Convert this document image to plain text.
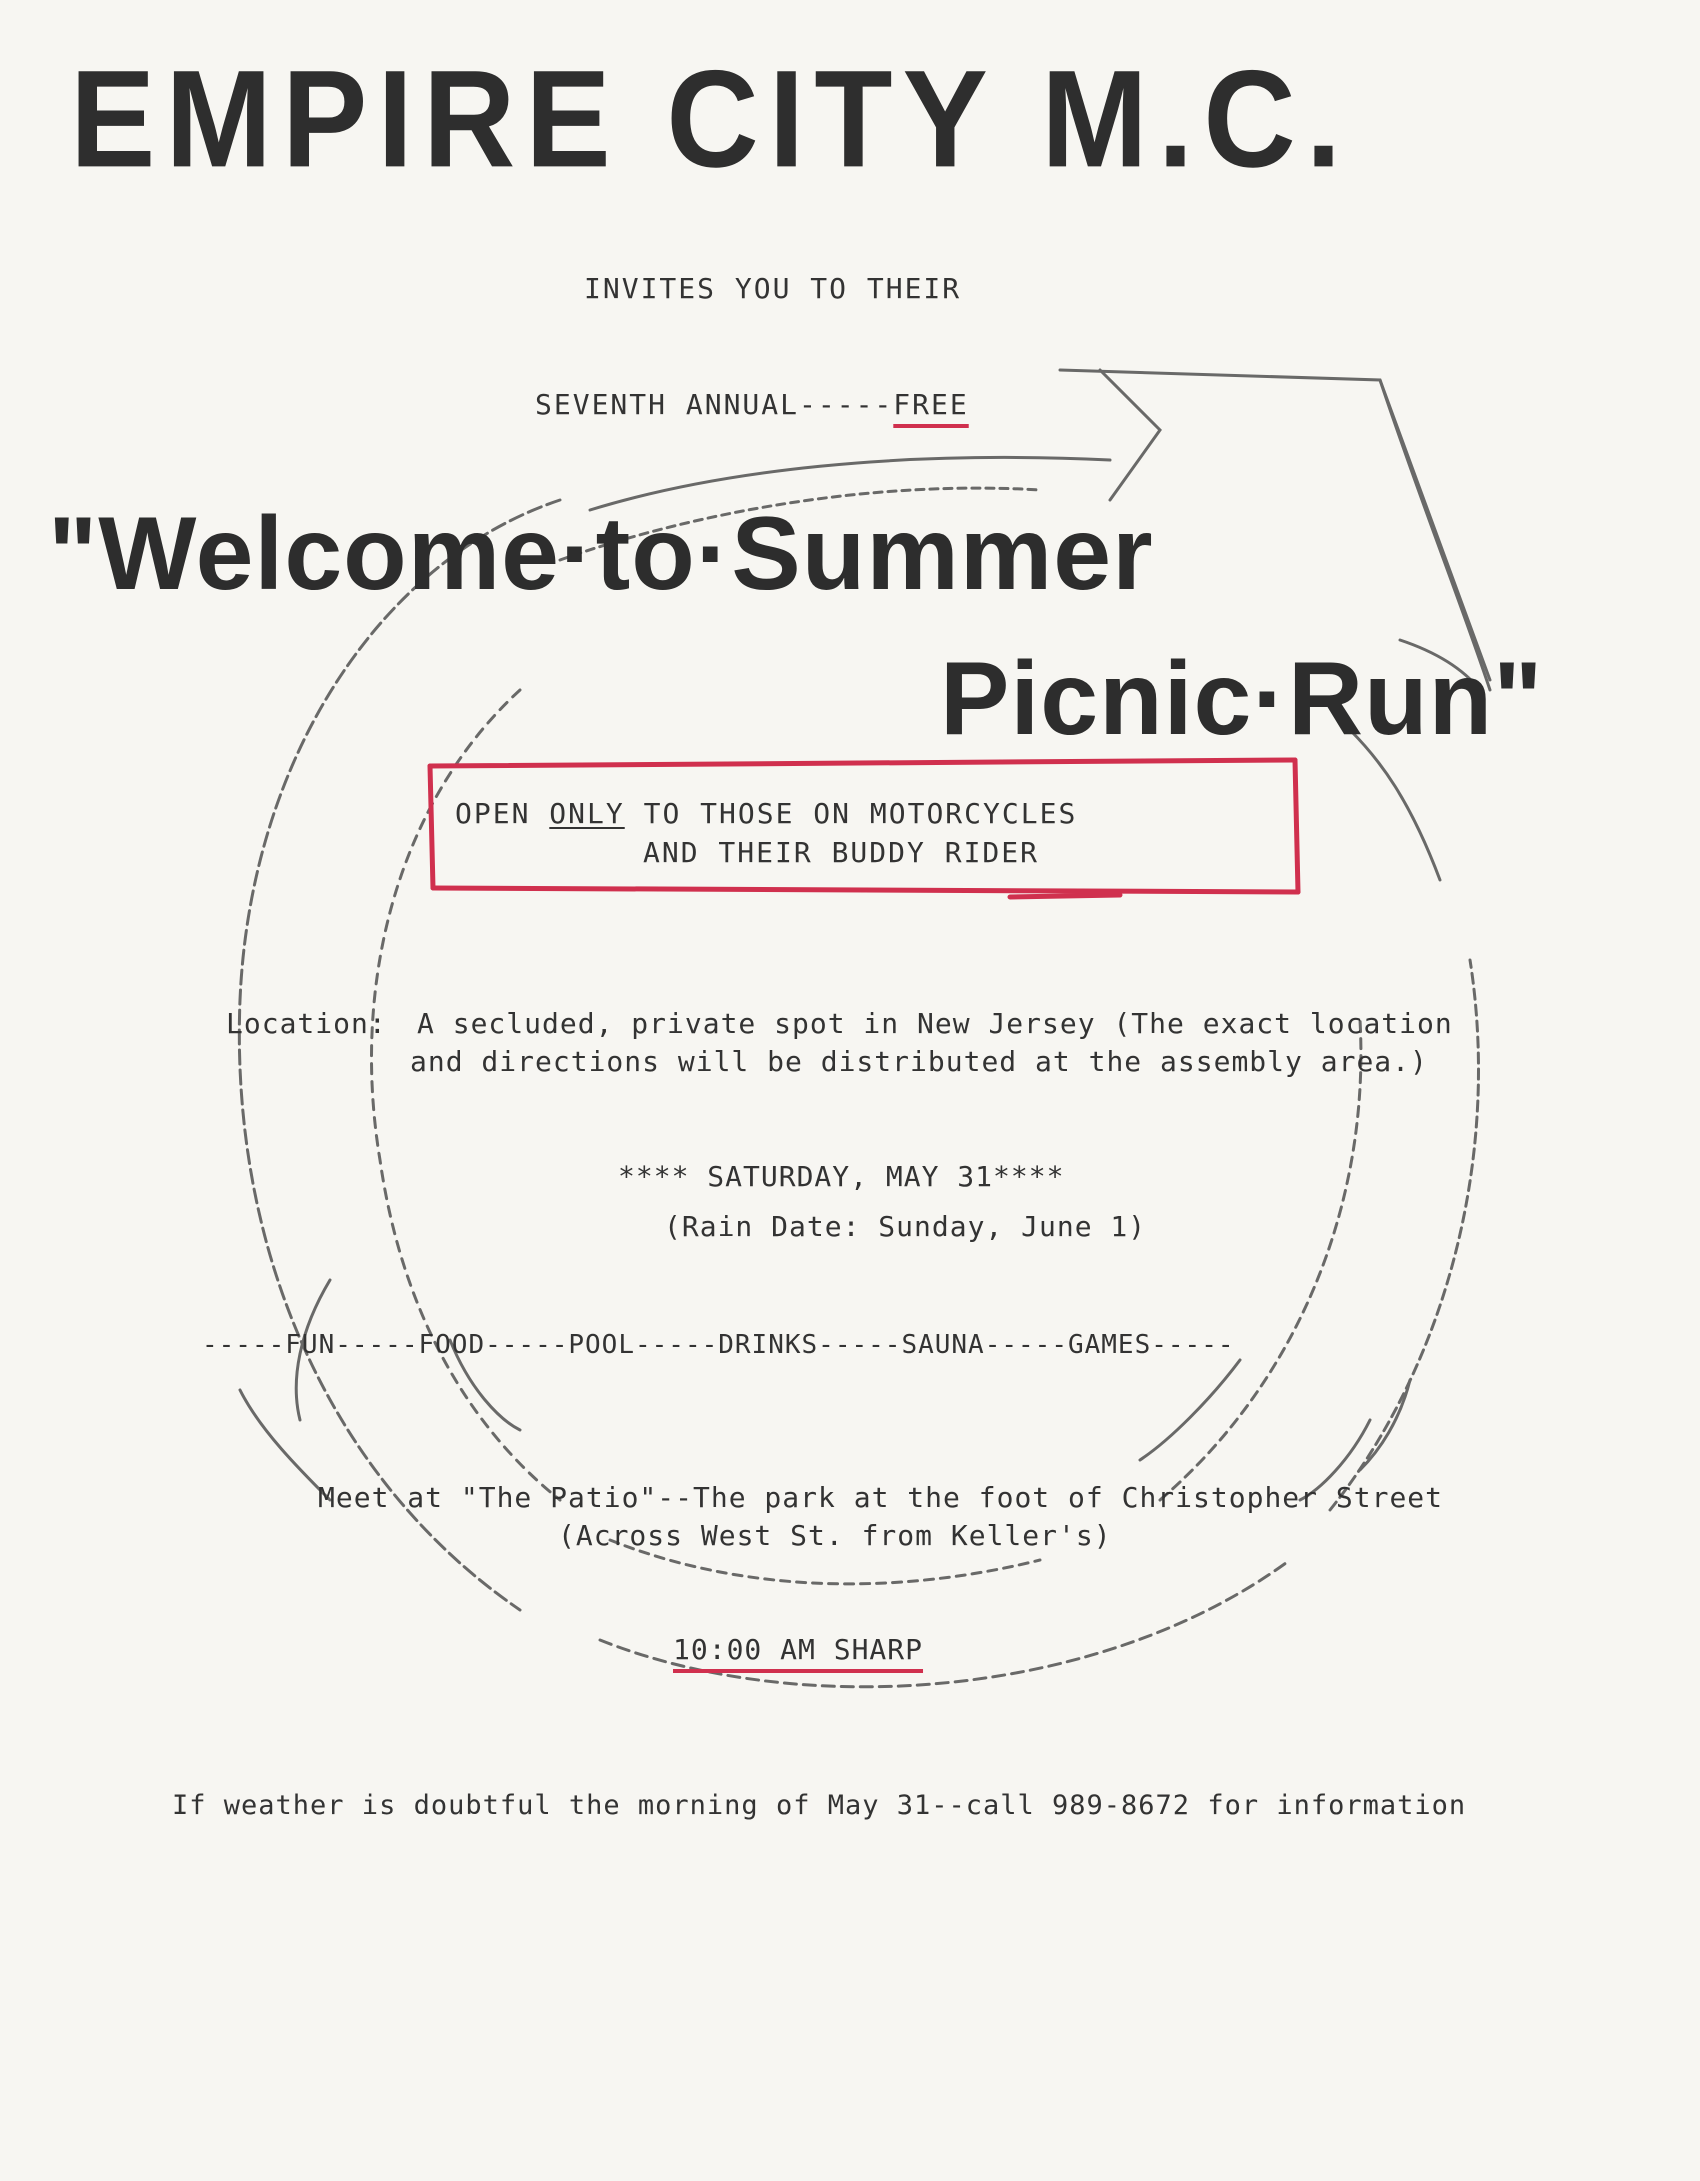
EMPIRE CITY M.C.
INVITES YOU TO THEIR
SEVENTH ANNUAL-----FREE
"Welcome·to·Summer
Picnic·Run"
OPEN ONLY TO THOSE ON MOTORCYCLES
AND THEIR BUDDY RIDER
Location: A secluded, private spot in New Jersey (The exact location
and directions will be distributed at the assembly area.)
**** SATURDAY, MAY 31****
(Rain Date: Sunday, June 1)
-----FUN-----FOOD-----POOL-----DRINKS-----SAUNA-----GAMES-----
Meet at "The Patio"--The park at the foot of Christopher Street
(Across West St. from Keller's)
10:00 AM SHARP
If weather is doubtful the morning of May 31--call 989-8672 for information
